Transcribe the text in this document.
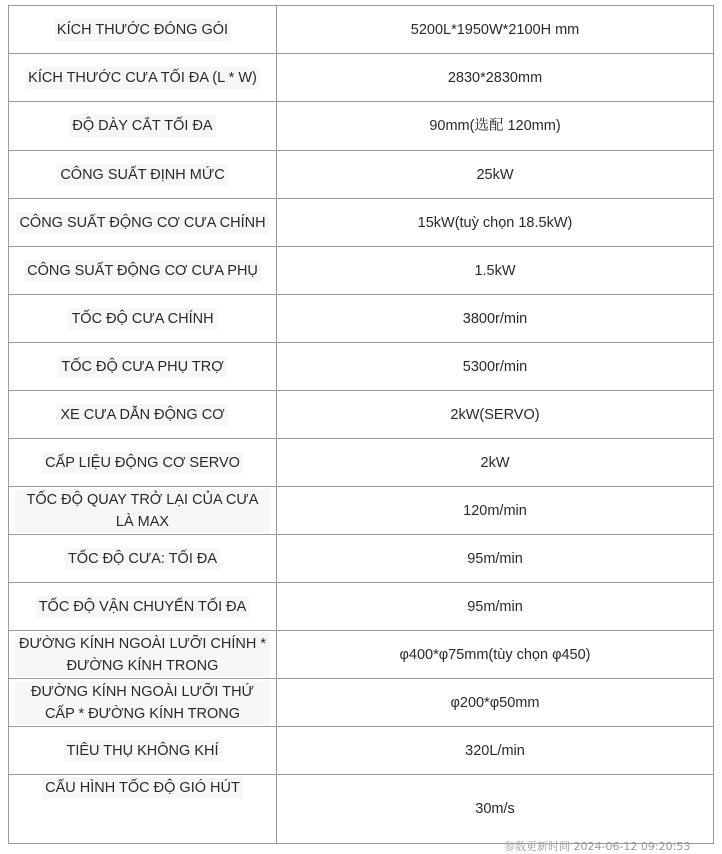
KÍCH THƯỚC ĐÓNG GÓI	5200L*1950W*2100H mm
KÍCH THƯỚC CƯA TỐI ĐA (L * W)	2830*2830mm
ĐỘ DÀY CẮT TỐI ĐA	90mm(选配 120mm)
CÔNG SUẤT ĐỊNH MỨC	25kW
CÔNG SUẤT ĐỘNG CƠ CƯA CHÍNH	15kW(tuỳ chọn 18.5kW)
CÔNG SUẤT ĐỘNG CƠ CƯA PHỤ	1.5kW
TỐC ĐỘ CƯA CHÍNH	3800r/min
TỐC ĐỘ CƯA PHỤ TRỢ	5300r/min
XE CƯA DẪN ĐỘNG CƠ	2kW(SERVO)
CẤP LIỆU ĐỘNG CƠ SERVO	2kW
TỐC ĐỘ QUAY TRỞ LẠI CỦA CƯA LÀ MAX	120m/min
TỐC ĐỘ CƯA: TỐI ĐA	95m/min
TỐC ĐỘ VẬN CHUYỂN TỐI ĐA	95m/min
ĐƯỜNG KÍNH NGOÀI LƯỠI CHÍNH * ĐƯỜNG KÍNH TRONG	φ400*φ75mm(tùy chọn φ450)
ĐƯỜNG KÍNH NGOÀI LƯỠI THỨ CẤP * ĐƯỜNG KÍNH TRONG	φ200*φ50mm
TIÊU THỤ KHÔNG KHÍ	320L/min
CẤU HÌNH TỐC ĐỘ GIÓ HÚT	30m/s
参数更新时间 2024-06-12 09:20:53
